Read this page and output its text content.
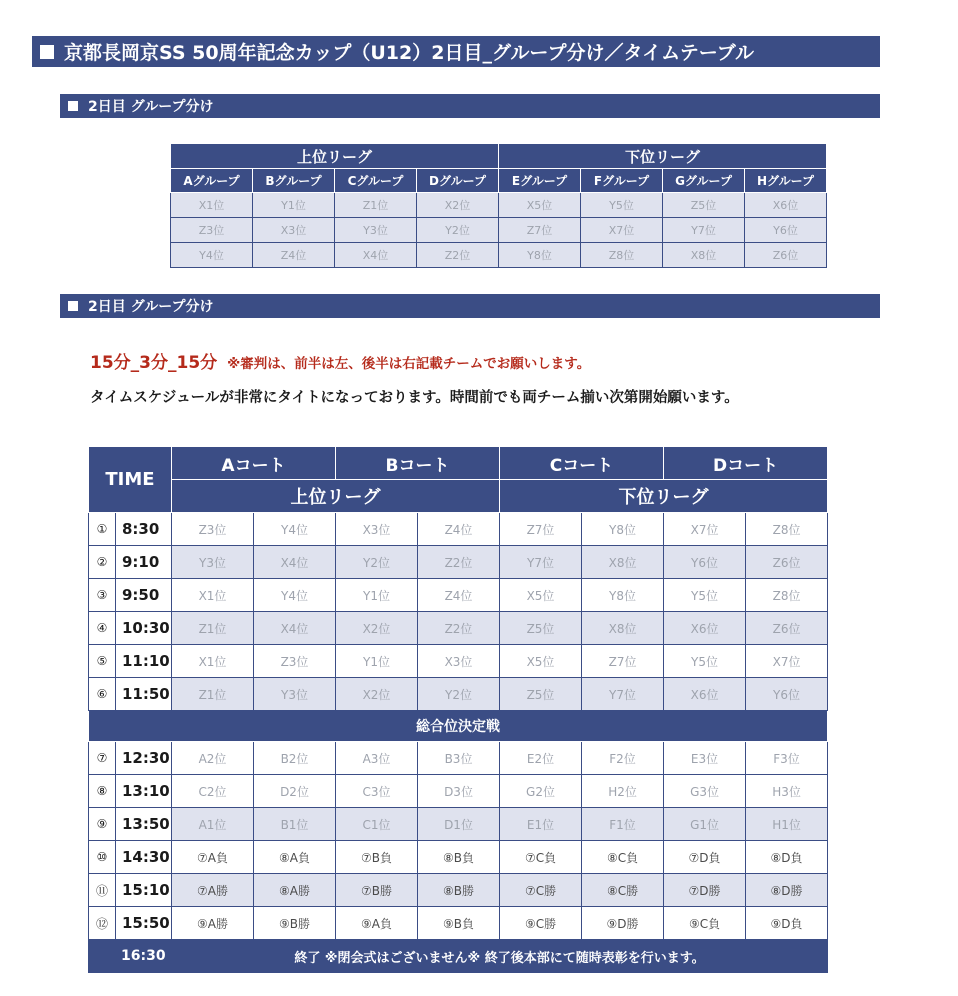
京都長岡京SS 50周年記念カップ（U12）2日目_グループ分け／タイムテーブル
2日目 グループ分け
上位リーグ				下位リーグ			
Aグループ	Bグループ	Cグループ	Dグループ	Eグループ	Fグループ	Gグループ	Hグループ
X1位	Y1位	Z1位	X2位	X5位	Y5位	Z5位	X6位
Z3位	X3位	Y3位	Y2位	Z7位	X7位	Y7位	Y6位
Y4位	Z4位	X4位	Z2位	Y8位	Z8位	X8位	Z6位
2日目 グループ分け
15分_3分_15分 ※審判は、前半は左、後半は右記載チームでお願いします。
タイムスケジュールが非常にタイトになっております。時間前でも両チーム揃い次第開始願います。
TIME		Aコート		Bコート		Cコート		Dコート	
		上位リーグ				下位リーグ			
①	8:30	Z3位	Y4位	X3位	Z4位	Z7位	Y8位	X7位	Z8位
②	9:10	Y3位	X4位	Y2位	Z2位	Y7位	X8位	Y6位	Z6位
③	9:50	X1位	Y4位	Y1位	Z4位	X5位	Y8位	Y5位	Z8位
④	10:30	Z1位	X4位	X2位	Z2位	Z5位	X8位	X6位	Z6位
⑤	11:10	X1位	Z3位	Y1位	X3位	X5位	Z7位	Y5位	X7位
⑥	11:50	Z1位	Y3位	X2位	Y2位	Z5位	Y7位	X6位	Y6位
総合位決定戦									
⑦	12:30	A2位	B2位	A3位	B3位	E2位	F2位	E3位	F3位
⑧	13:10	C2位	D2位	C3位	D3位	G2位	H2位	G3位	H3位
⑨	13:50	A1位	B1位	C1位	D1位	E1位	F1位	G1位	H1位
⑩	14:30	⑦A負	⑧A負	⑦B負	⑧B負	⑦C負	⑧C負	⑦D負	⑧D負
⑪	15:10	⑦A勝	⑧A勝	⑦B勝	⑧B勝	⑦C勝	⑧C勝	⑦D勝	⑧D勝
⑫	15:50	⑨A勝	⑨B勝	⑨A負	⑨B負	⑨C勝	⑨D勝	⑨C負	⑨D負
16:30		終了 ※閉会式はございません※ 終了後本部にて随時表彰を行います。							
